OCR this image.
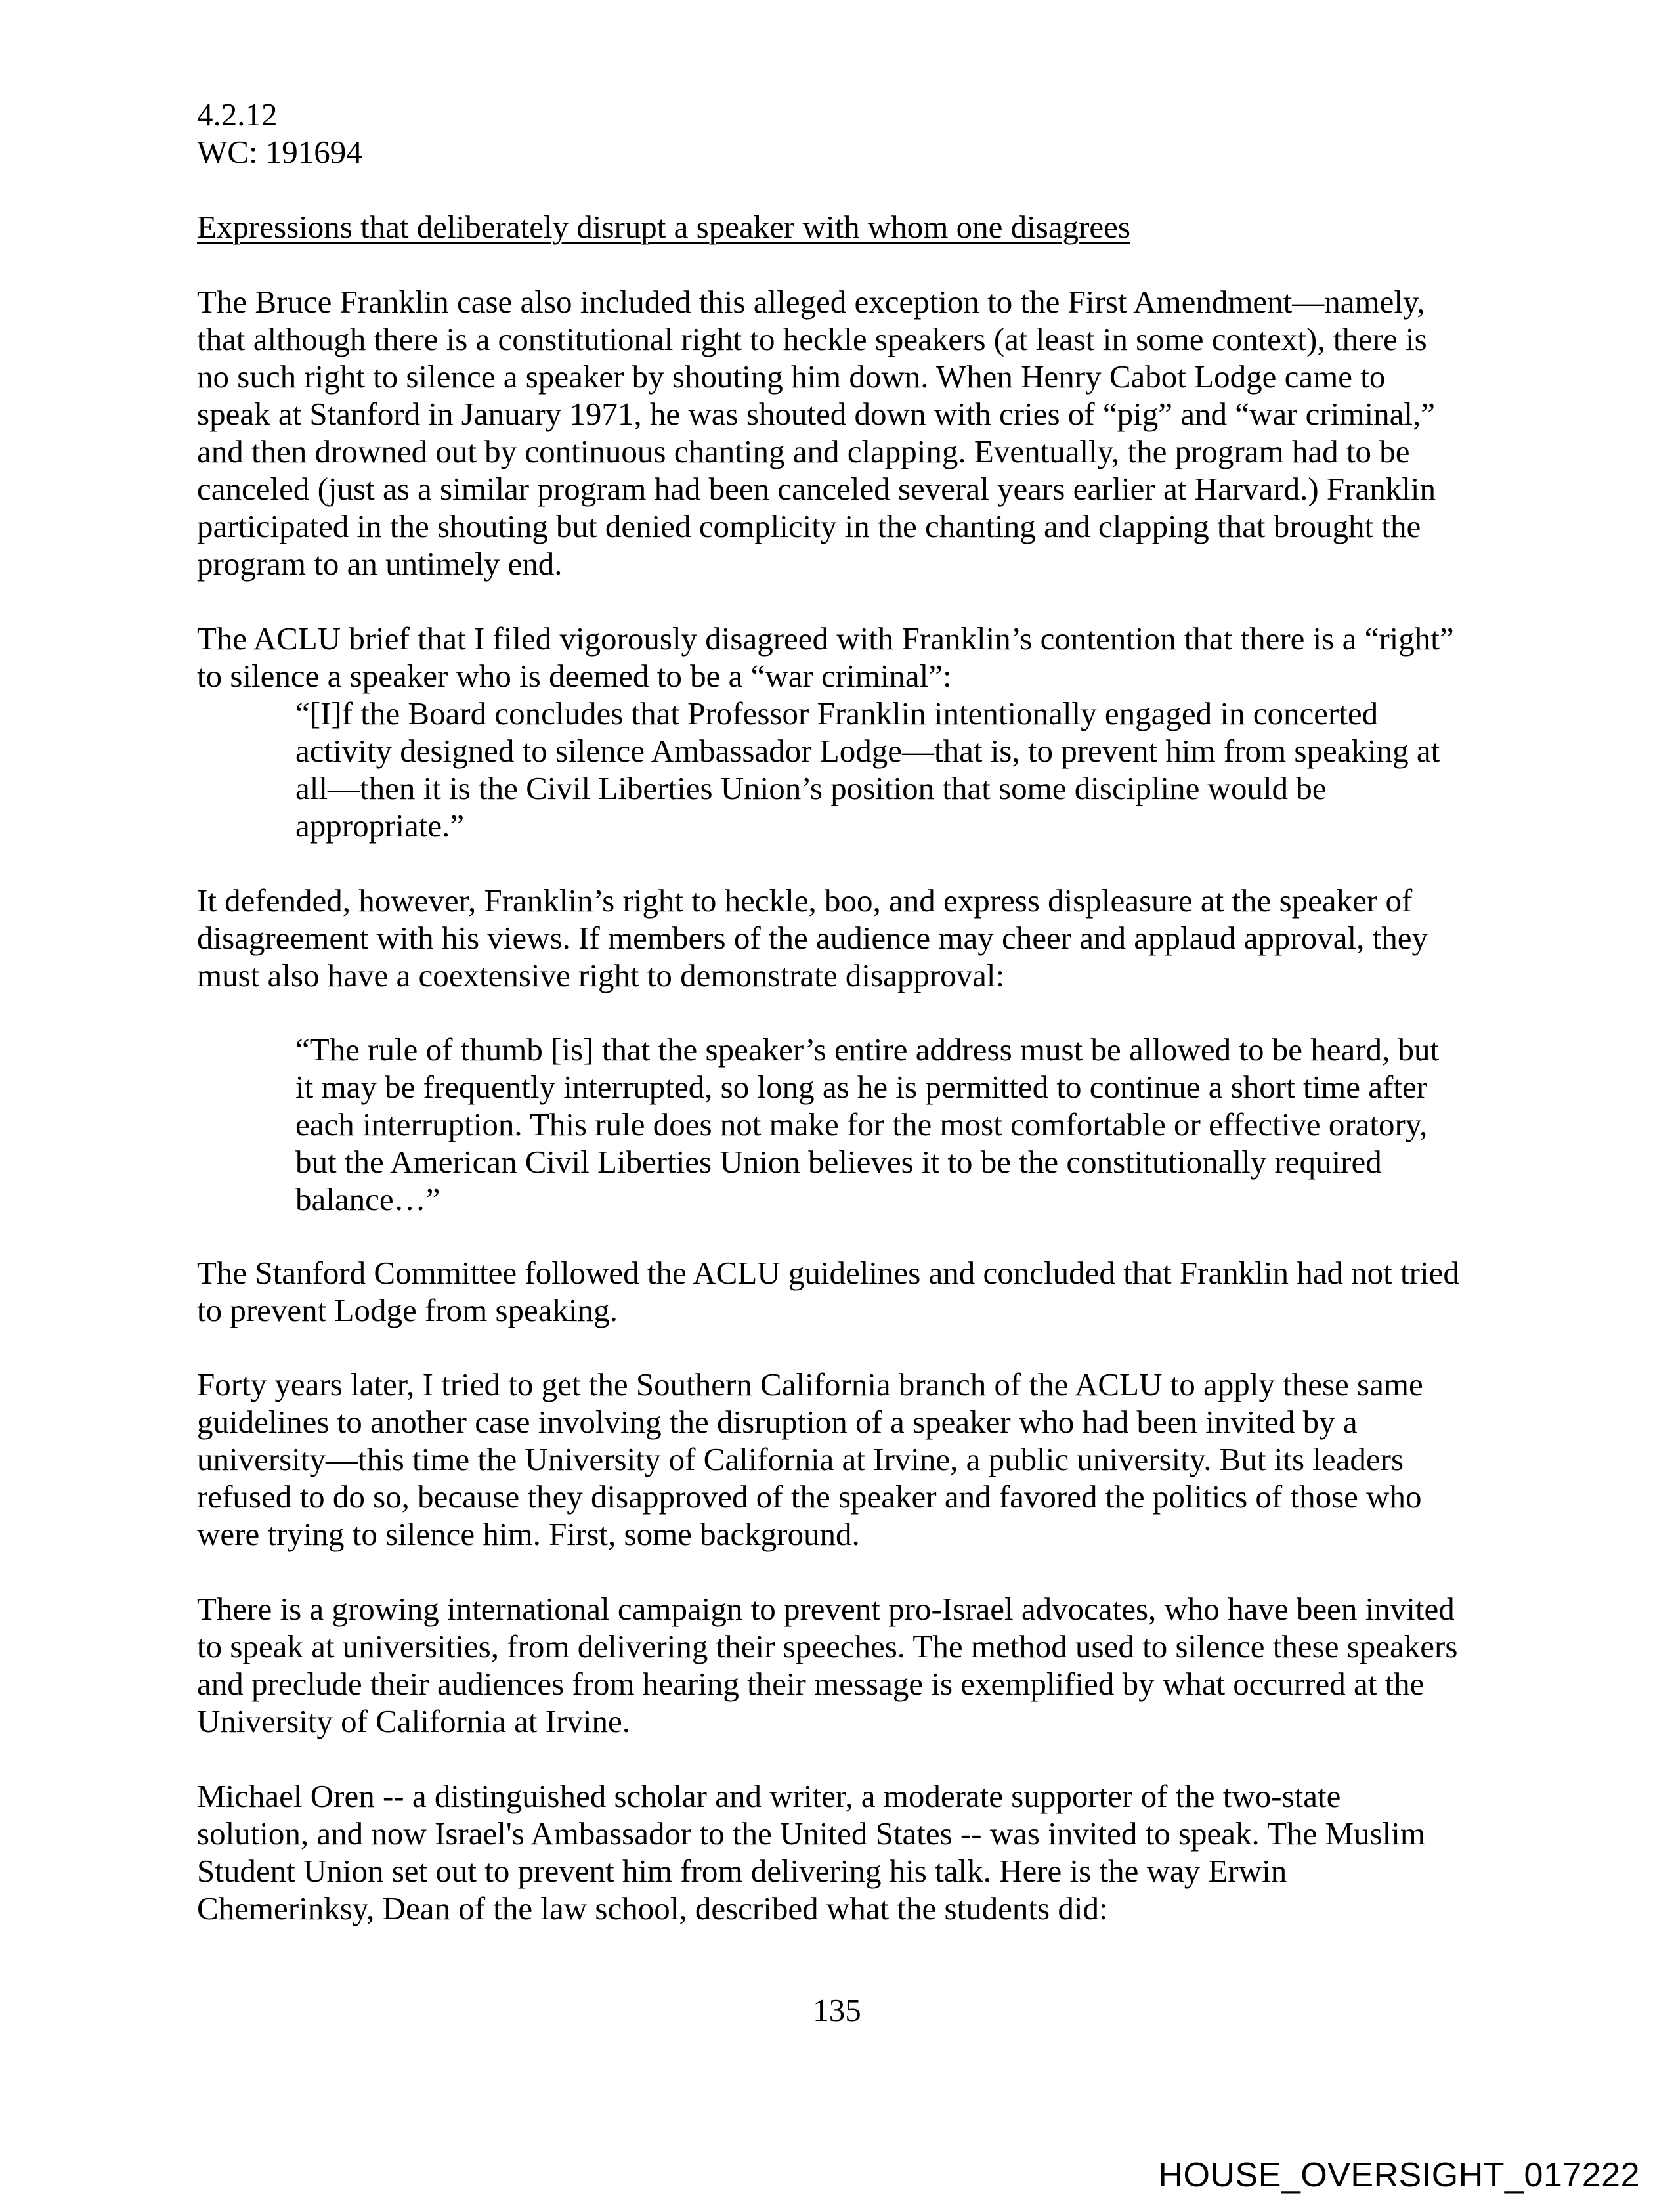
4.2.12
WC: 191694
Expressions that deliberately disrupt a speaker with whom one disagrees
The Bruce Franklin case also included this alleged exception to the First Amendment—namely,
that although there is a constitutional right to heckle speakers (at least in some context), there is
no such right to silence a speaker by shouting him down. When Henry Cabot Lodge came to
speak at Stanford in January 1971, he was shouted down with cries of “pig” and “war criminal,”
and then drowned out by continuous chanting and clapping. Eventually, the program had to be
canceled (just as a similar program had been canceled several years earlier at Harvard.) Franklin
participated in the shouting but denied complicity in the chanting and clapping that brought the
program to an untimely end.
The ACLU brief that I filed vigorously disagreed with Franklin’s contention that there is a “right”
to silence a speaker who is deemed to be a “war criminal”:
“[I]f the Board concludes that Professor Franklin intentionally engaged in concerted
activity designed to silence Ambassador Lodge—that is, to prevent him from speaking at
all—then it is the Civil Liberties Union’s position that some discipline would be
appropriate.”
It defended, however, Franklin’s right to heckle, boo, and express displeasure at the speaker of
disagreement with his views. If members of the audience may cheer and applaud approval, they
must also have a coextensive right to demonstrate disapproval:
“The rule of thumb [is] that the speaker’s entire address must be allowed to be heard, but
it may be frequently interrupted, so long as he is permitted to continue a short time after
each interruption. This rule does not make for the most comfortable or effective oratory,
but the American Civil Liberties Union believes it to be the constitutionally required
balance…”
The Stanford Committee followed the ACLU guidelines and concluded that Franklin had not tried
to prevent Lodge from speaking.
Forty years later, I tried to get the Southern California branch of the ACLU to apply these same
guidelines to another case involving the disruption of a speaker who had been invited by a
university—this time the University of California at Irvine, a public university. But its leaders
refused to do so, because they disapproved of the speaker and favored the politics of those who
were trying to silence him. First, some background.
There is a growing international campaign to prevent pro-Israel advocates, who have been invited
to speak at universities, from delivering their speeches. The method used to silence these speakers
and preclude their audiences from hearing their message is exemplified by what occurred at the
University of California at Irvine.
Michael Oren -- a distinguished scholar and writer, a moderate supporter of the two-state
solution, and now Israel's Ambassador to the United States -- was invited to speak. The Muslim
Student Union set out to prevent him from delivering his talk. Here is the way Erwin
Chemerinksy, Dean of the law school, described what the students did:
135
HOUSE_OVERSIGHT_017222
